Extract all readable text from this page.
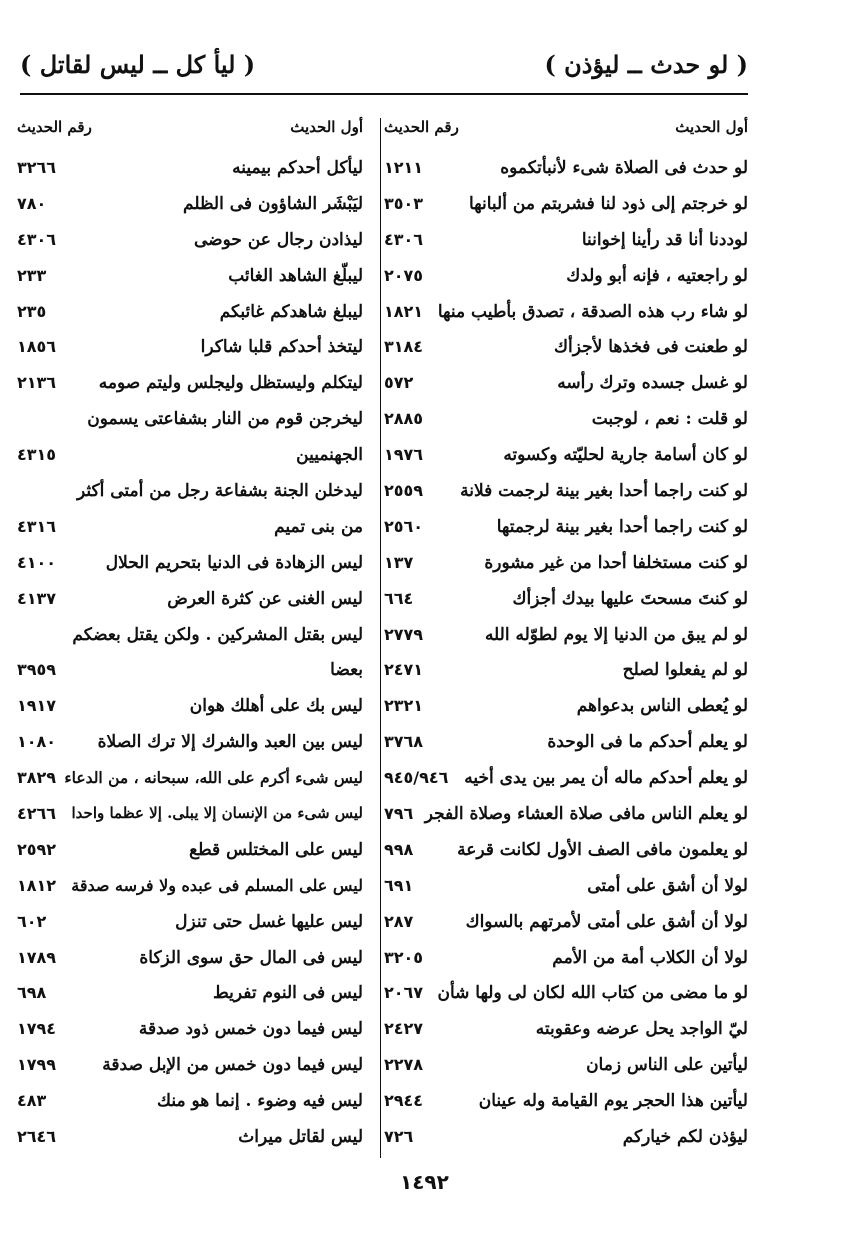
( لو حدث ــ ليؤذن )
( ليأ كل ــ ليس لقاتل )
أول الحديث
رقم الحديث
لو حدث فى الصلاة شىء لأنبأتكموه
١٢١١
لو خرجتم إلى ذود لنا فشربتم من ألبانها
٣٥٠٣
لوددنا أنا قد رأينا إخواننا
٤٣٠٦
لو راجعتيه ، فإنه أبو ولدك
٢٠٧٥
لو شاء رب هذه الصدقة ، تصدق بأطيب منها
١٨٢١
لو طعنت فى فخذها لأجزأك
٣١٨٤
لو غسل جسده وترك رأسه
٥٧٢
لو قلت : نعم ، لوجبت
٢٨٨٥
لو كان أسامة جارية لحليّته وكسوته
١٩٧٦
لو كنت راجما أحدا بغير بينة لرجمت فلانة
٢٥٥٩
لو كنت راجما أحدا بغير بينة لرجمتها
٢٥٦٠
لو كنت مستخلفا أحدا من غير مشورة
١٣٧
لو كنتَ مسحتَ عليها بيدك أجزأك
٦٦٤
لو لم يبق من الدنيا إلا يوم لطوّله الله
٢٧٧٩
لو لم يفعلوا لصلح
٢٤٧١
لو يُعطى الناس بدعواهم
٢٣٢١
لو يعلم أحدكم ما فى الوحدة
٣٧٦٨
لو يعلم أحدكم ماله أن يمر بين يدى أخيه
٩٤٥/٩٤٦
لو يعلم الناس مافى صلاة العشاء وصلاة الفجر
٧٩٦
لو يعلمون مافى الصف الأول لكانت قرعة
٩٩٨
لولا أن أشق على أمتى
٦٩١
لولا أن أشق على أمتى لأمرتهم بالسواك
٢٨٧
لولا أن الكلاب أمة من الأمم
٣٢٠٥
لو ما مضى من كتاب الله لكان لى ولها شأن
٢٠٦٧
ليّ الواجد يحل عرضه وعقوبته
٢٤٢٧
ليأتين على الناس زمان
٢٢٧٨
ليأتين هذا الحجر يوم القيامة وله عينان
٢٩٤٤
ليؤذن لكم خياركم
٧٢٦
أول الحديث
رقم الحديث
ليأكل أحدكم بيمينه
٣٢٦٦
ليَبْشَر الشاؤون فى الظلم
٧٨٠
ليذادن رجال عن حوضى
٤٣٠٦
ليبلّغ الشاهد الغائب
٢٣٣
ليبلغ شاهدكم غائبكم
٢٣٥
ليتخذ أحدكم قلبا شاكرا
١٨٥٦
ليتكلم وليستظل وليجلس وليتم صومه
٢١٣٦
ليخرجن قوم من النار بشفاعتى يسمون
الجهنميين
٤٣١٥
ليدخلن الجنة بشفاعة رجل من أمتى أكثر
من بنى تميم
٤٣١٦
ليس الزهادة فى الدنيا بتحريم الحلال
٤١٠٠
ليس الغنى عن كثرة العرض
٤١٣٧
ليس بقتل المشركين . ولكن يقتل بعضكم
بعضا
٣٩٥٩
ليس بك على أهلك هوان
١٩١٧
ليس بين العبد والشرك إلا ترك الصلاة
١٠٨٠
ليس شىء أكرم على الله، سبحانه ، من الدعاء
٣٨٢٩
ليس شىء من الإنسان إلا يبلى. إلا عظما واحدا
٤٢٦٦
ليس على المختلس قطع
٢٥٩٢
ليس على المسلم فى عبده ولا فرسه صدقة
١٨١٢
ليس عليها غسل حتى تنزل
٦٠٢
ليس فى المال حق سوى الزكاة
١٧٨٩
ليس فى النوم تفريط
٦٩٨
ليس فيما دون خمس ذود صدقة
١٧٩٤
ليس فيما دون خمس من الإبل صدقة
١٧٩٩
ليس فيه وضوء . إنما هو منك
٤٨٣
ليس لقاتل ميراث
٢٦٤٦
١٤٩٢
